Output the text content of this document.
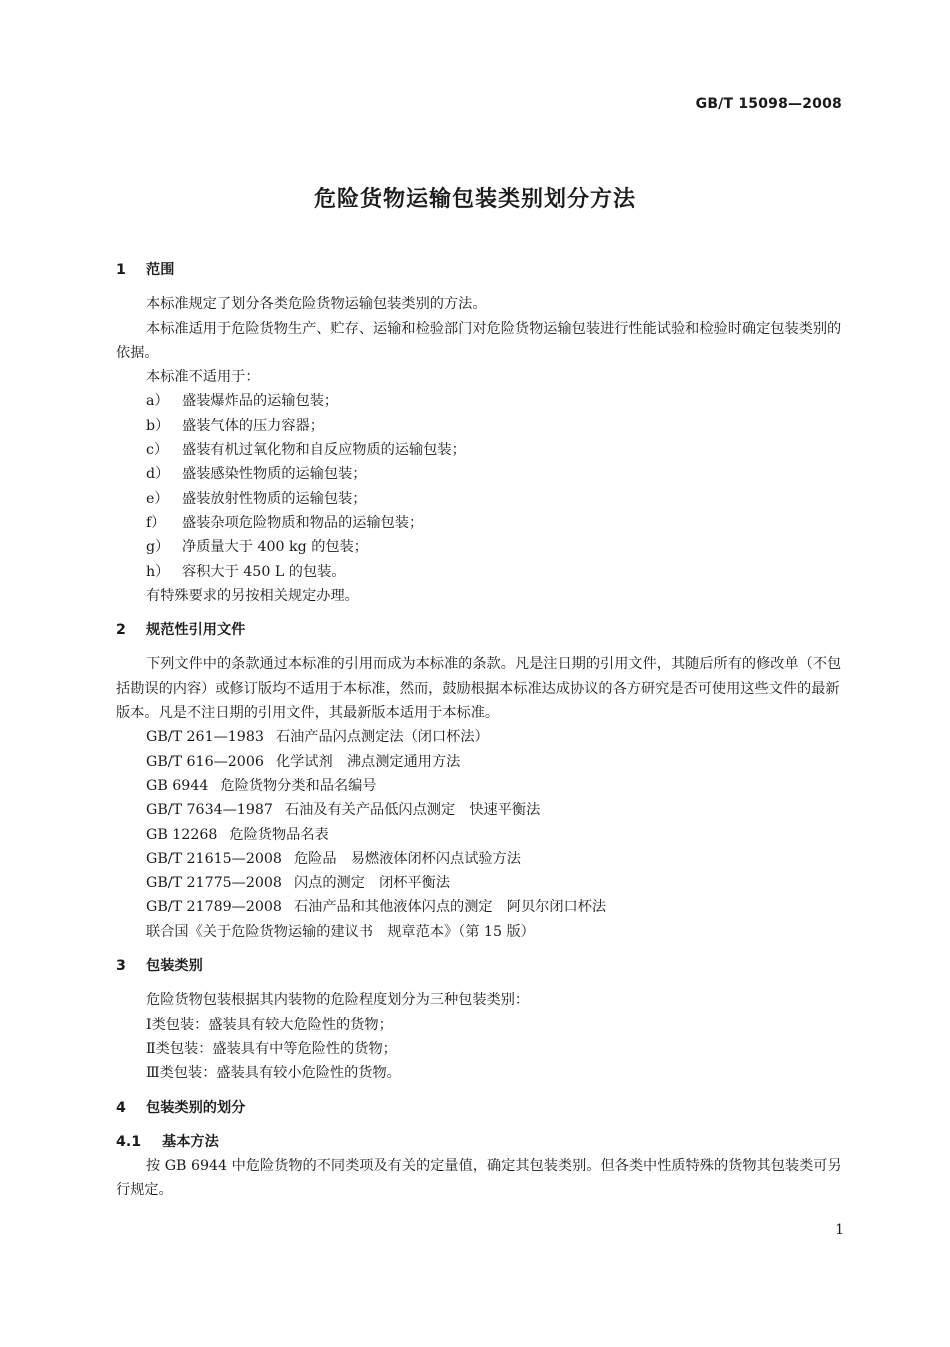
GB/T 15098—2008
危险货物运输包装类别划分方法
1 范围

本标准规定了划分各类危险货物运输包装类别的方法。

本标准适用于危险货物生产、贮存、运输和检验部门对危险货物运输包装进行性能试验和检验时确定包装类别的依据。

本标准不适用于：

a） 盛装爆炸品的运输包装；
b） 盛装气体的压力容器；
c） 盛装有机过氧化物和自反应物质的运输包装；
d） 盛装感染性物质的运输包装；
e） 盛装放射性物质的运输包装；
f） 盛装杂项危险物质和物品的运输包装；
g） 净质量大于 400 kg 的包装；
h） 容积大于 450 L 的包装。

有特殊要求的另按相关规定办理。

2 规范性引用文件

下列文件中的条款通过本标准的引用而成为本标准的条款。凡是注日期的引用文件，其随后所有的修改单（不包括勘误的内容）或修订版均不适用于本标准，然而，鼓励根据本标准达成协议的各方研究是否可使用这些文件的最新版本。凡是不注日期的引用文件，其最新版本适用于本标准。

GB/T 261—1983 石油产品闪点测定法（闭口杯法）
GB/T 616—2006 化学试剂　沸点测定通用方法
GB 6944 危险货物分类和品名编号
GB/T 7634—1987 石油及有关产品低闪点测定　快速平衡法
GB 12268 危险货物品名表
GB/T 21615—2008 危险品　易燃液体闭杯闪点试验方法
GB/T 21775—2008 闪点的测定　闭杯平衡法
GB/T 21789—2008 石油产品和其他液体闪点的测定　阿贝尔闭口杯法

联合国《关于危险货物运输的建议书　规章范本》（第 15 版）

3 包装类别

危险货物包装根据其内装物的危险程度划分为三种包装类别：

Ⅰ类包装：盛装具有较大危险性的货物；

Ⅱ类包装：盛装具有中等危险性的货物；

Ⅲ类包装：盛装具有较小危险性的货物。

4 包装类别的划分
4.1 基本方法

按 GB 6944 中危险货物的不同类项及有关的定量值，确定其包装类别。但各类中性质特殊的货物其包装类可另行规定。

1
